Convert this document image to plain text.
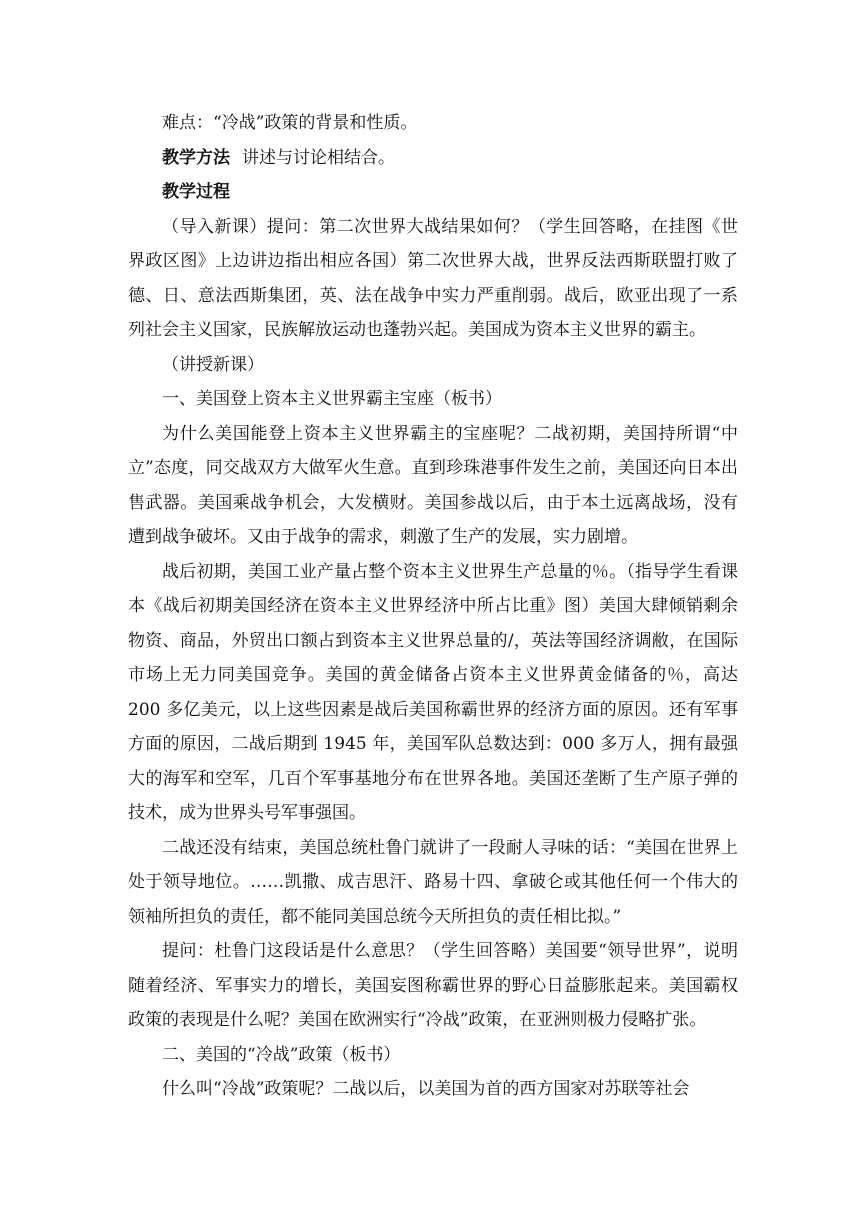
难点：“冷战”政策的背景和性质。

教学方法 讲述与讨论相结合。

教学过程

（导入新课）提问：第二次世界大战结果如何？（学生回答略，在挂图《世界政区图》上边讲边指出相应各国）第二次世界大战，世界反法西斯联盟打败了德、日、意法西斯集团，英、法在战争中实力严重削弱。战后，欧亚出现了一系列社会主义国家，民族解放运动也蓬勃兴起。美国成为资本主义世界的霸主。

（讲授新课）

一、美国登上资本主义世界霸主宝座（板书）

为什么美国能登上资本主义世界霸主的宝座呢？二战初期，美国持所谓“中立”态度，同交战双方大做军火生意。直到珍珠港事件发生之前，美国还向日本出售武器。美国乘战争机会，大发横财。美国参战以后，由于本土远离战场，没有遭到战争破坏。又由于战争的需求，刺激了生产的发展，实力剧增。

战后初期，美国工业产量占整个资本主义世界生产总量的％。（指导学生看课本《战后初期美国经济在资本主义世界经济中所占比重》图）美国大肆倾销剩余物资、商品，外贸出口额占到资本主义世界总量的/，英法等国经济调敝，在国际市场上无力同美国竞争。美国的黄金储备占资本主义世界黄金储备的％，高达 200 多亿美元，以上这些因素是战后美国称霸世界的经济方面的原因。还有军事方面的原因，二战后期到 1945 年，美国军队总数达到：000 多万人，拥有最强大的海军和空军，几百个军事基地分布在世界各地。美国还垄断了生产原子弹的技术，成为世界头号军事强国。

二战还没有结束，美国总统杜鲁门就讲了一段耐人寻味的话：“美国在世界上处于领导地位。……凯撒、成吉思汗、路易十四、拿破仑或其他任何一个伟大的领袖所担负的责任，都不能同美国总统今天所担负的责任相比拟。”

提问：杜鲁门这段话是什么意思？（学生回答略）美国要“领导世界”，说明随着经济、军事实力的增长，美国妄图称霸世界的野心日益膨胀起来。美国霸权政策的表现是什么呢？美国在欧洲实行“冷战”政策，在亚洲则极力侵略扩张。

二、美国的“冷战”政策（板书）

什么叫“冷战”政策呢？二战以后，以美国为首的西方国家对苏联等社会
